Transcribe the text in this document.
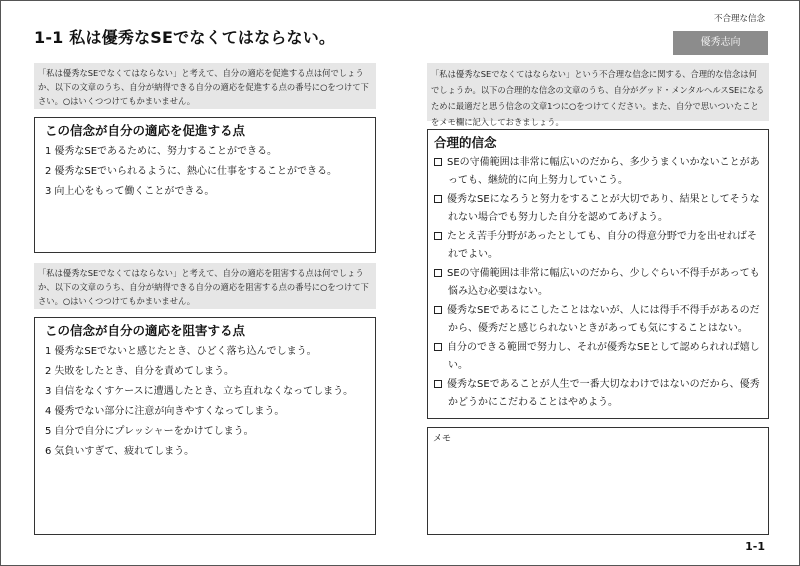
1-1 私は優秀なSEでなくてはならない。
不合理な信念
優秀志向
「私は優秀なSEでなくてはならない」と考えて、自分の適応を促進する点は何でしょうか、以下の文章のうち、自分が納得できる自分の適応を促進する点の番号に○をつけて下さい。○はいくつつけてもかまいません。
この信念が自分の適応を促進する点
1 優秀なSEであるために、努力することができる。
2 優秀なSEでいられるように、熱心に仕事をすることができる。
3 向上心をもって働くことができる。
「私は優秀なSEでなくてはならない」と考えて、自分の適応を阻害する点は何でしょうか、以下の文章のうち、自分が納得できる自分の適応を阻害する点の番号に○をつけて下さい。○はいくつつけてもかまいません。
この信念が自分の適応を阻害する点
1 優秀なSEでないと感じたとき、ひどく落ち込んでしまう。
2 失敗をしたとき、自分を責めてしまう。
3 自信をなくすケースに遭遇したとき、立ち直れなくなってしまう。
4 優秀でない部分に注意が向きやすくなってしまう。
5 自分で自分にプレッシャーをかけてしまう。
6 気負いすぎて、疲れてしまう。
「私は優秀なSEでなくてはならない」という不合理な信念に関する、合理的な信念は何でしょうか。以下の合理的な信念の文章のうち、自分がグッド・メンタルヘルスSEになるために最適だと思う信念の文章1つに○をつけてください。また、自分で思いついたことをメモ欄に記入しておきましょう。
合理的信念
SEの守備範囲は非常に幅広いのだから、多少うまくいかないことがあっても、継続的に向上努力していこう。
優秀なSEになろうと努力をすることが大切であり、結果としてそうなれない場合でも努力した自分を認めてあげよう。
たとえ苦手分野があったとしても、自分の得意分野で力を出せればそれでよい。
SEの守備範囲は非常に幅広いのだから、少しぐらい不得手があっても悩み込む必要はない。
優秀なSEであるにこしたことはないが、人には得手不得手があるのだから、優秀だと感じられないときがあっても気にすることはない。
自分のできる範囲で努力し、それが優秀なSEとして認められれば嬉しい。
優秀なSEであることが人生で一番大切なわけではないのだから、優秀かどうかにこだわることはやめよう。
メモ
1-1
